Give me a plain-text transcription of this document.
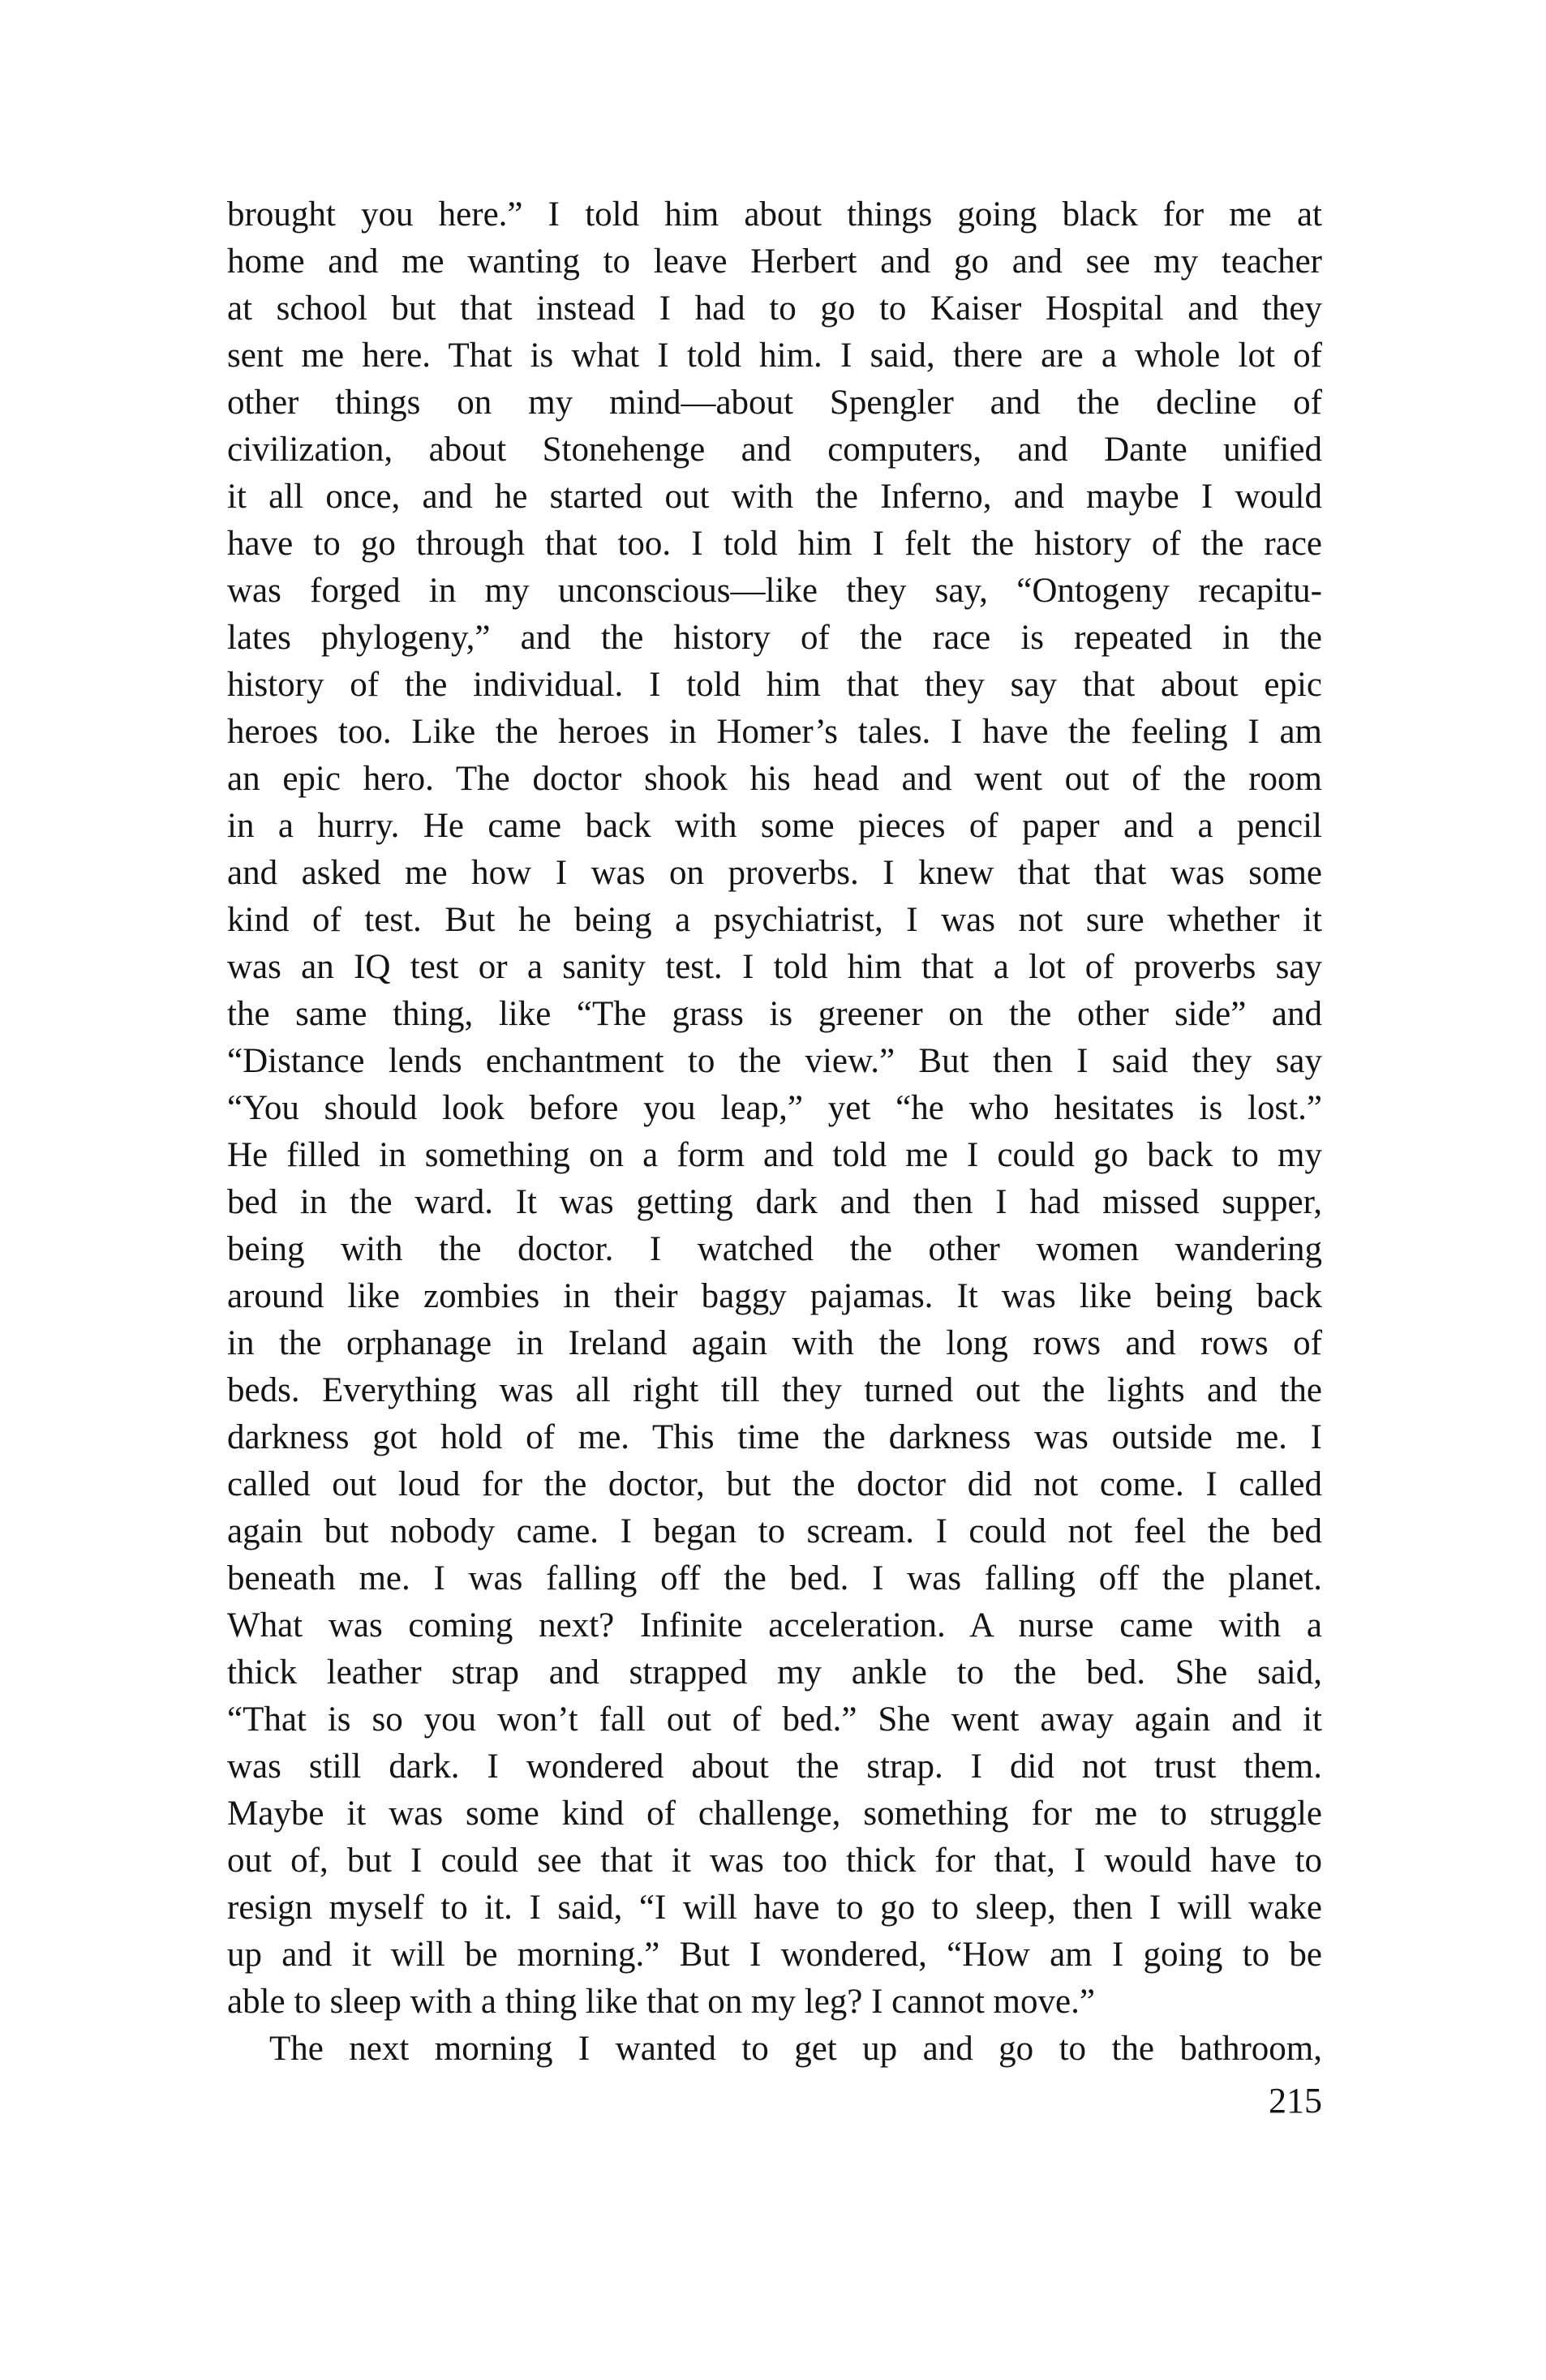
brought you here.” I told him about things going black for me at
home and me wanting to leave Herbert and go and see my teacher
at school but that instead I had to go to Kaiser Hospital and they
sent me here. That is what I told him. I said, there are a whole lot of
other things on my mind—about Spengler and the decline of
civilization, about Stonehenge and computers, and Dante unified
it all once, and he started out with the Inferno, and maybe I would
have to go through that too. I told him I felt the history of the race
was forged in my unconscious—like they say, “Ontogeny recapitu-
lates phylogeny,” and the history of the race is repeated in the
history of the individual. I told him that they say that about epic
heroes too. Like the heroes in Homer’s tales. I have the feeling I am
an epic hero. The doctor shook his head and went out of the room
in a hurry. He came back with some pieces of paper and a pencil
and asked me how I was on proverbs. I knew that that was some
kind of test. But he being a psychiatrist, I was not sure whether it
was an IQ test or a sanity test. I told him that a lot of proverbs say
the same thing, like “The grass is greener on the other side” and
“Distance lends enchantment to the view.” But then I said they say
“You should look before you leap,” yet “he who hesitates is lost.”
He filled in something on a form and told me I could go back to my
bed in the ward. It was getting dark and then I had missed supper,
being with the doctor. I watched the other women wandering
around like zombies in their baggy pajamas. It was like being back
in the orphanage in Ireland again with the long rows and rows of
beds. Everything was all right till they turned out the lights and the
darkness got hold of me. This time the darkness was outside me. I
called out loud for the doctor, but the doctor did not come. I called
again but nobody came. I began to scream. I could not feel the bed
beneath me. I was falling off the bed. I was falling off the planet.
What was coming next? Infinite acceleration. A nurse came with a
thick leather strap and strapped my ankle to the bed. She said,
“That is so you won’t fall out of bed.” She went away again and it
was still dark. I wondered about the strap. I did not trust them.
Maybe it was some kind of challenge, something for me to struggle
out of, but I could see that it was too thick for that, I would have to
resign myself to it. I said, “I will have to go to sleep, then I will wake
up and it will be morning.” But I wondered, “How am I going to be
able to sleep with a thing like that on my leg? I cannot move.”
The next morning I wanted to get up and go to the bathroom,
215
